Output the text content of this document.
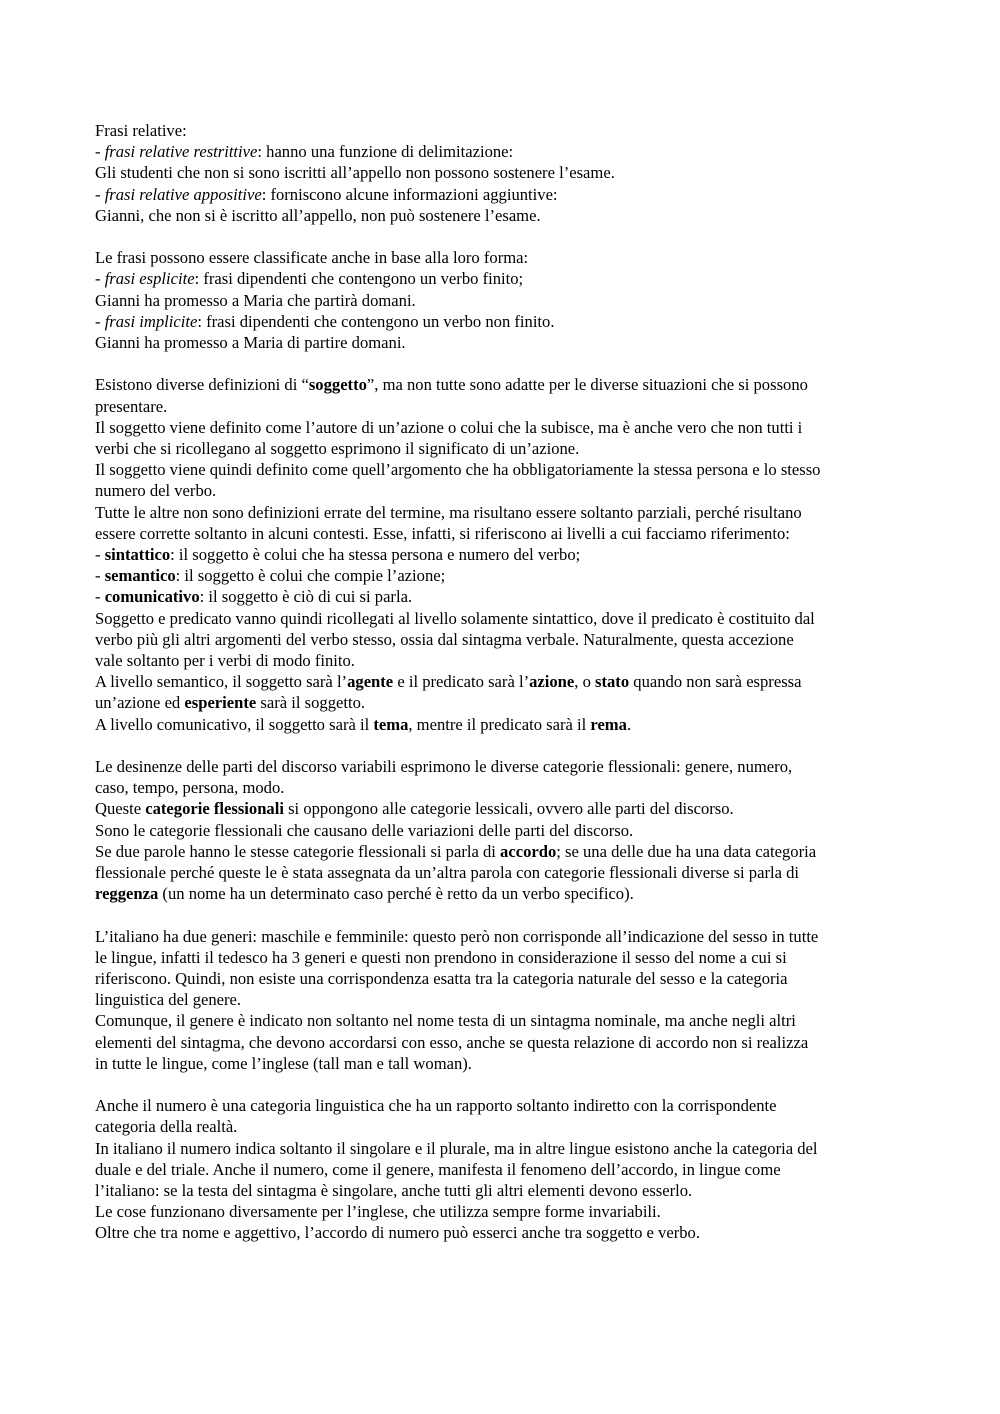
Frasi relative:
- frasi relative restrittive: hanno una funzione di delimitazione:
Gli studenti che non si sono iscritti all’appello non possono sostenere l’esame.
- frasi relative appositive: forniscono alcune informazioni aggiuntive:
Gianni, che non si è iscritto all’appello, non può sostenere l’esame.
Le frasi possono essere classificate anche in base alla loro forma:
- frasi esplicite: frasi dipendenti che contengono un verbo finito;
Gianni ha promesso a Maria che partirà domani.
- frasi implicite: frasi dipendenti che contengono un verbo non finito.
Gianni ha promesso a Maria di partire domani.
Esistono diverse definizioni di “soggetto”, ma non tutte sono adatte per le diverse situazioni che si possono
presentare.
Il soggetto viene definito come l’autore di un’azione o colui che la subisce, ma è anche vero che non tutti i
verbi che si ricollegano al soggetto esprimono il significato di un’azione.
Il soggetto viene quindi definito come quell’argomento che ha obbligatoriamente la stessa persona e lo stesso
numero del verbo.
Tutte le altre non sono definizioni errate del termine, ma risultano essere soltanto parziali, perché risultano
essere corrette soltanto in alcuni contesti. Esse, infatti, si riferiscono ai livelli a cui facciamo riferimento:
- sintattico: il soggetto è colui che ha stessa persona e numero del verbo;
- semantico: il soggetto è colui che compie l’azione;
- comunicativo: il soggetto è ciò di cui si parla.
Soggetto e predicato vanno quindi ricollegati al livello solamente sintattico, dove il predicato è costituito dal
verbo più gli altri argomenti del verbo stesso, ossia dal sintagma verbale. Naturalmente, questa accezione
vale soltanto per i verbi di modo finito.
A livello semantico, il soggetto sarà l’agente e il predicato sarà l’azione, o stato quando non sarà espressa
un’azione ed esperiente sarà il soggetto.
A livello comunicativo, il soggetto sarà il tema, mentre il predicato sarà il rema.
Le desinenze delle parti del discorso variabili esprimono le diverse categorie flessionali: genere, numero,
caso, tempo, persona, modo.
Queste categorie flessionali si oppongono alle categorie lessicali, ovvero alle parti del discorso.
Sono le categorie flessionali che causano delle variazioni delle parti del discorso.
Se due parole hanno le stesse categorie flessionali si parla di accordo; se una delle due ha una data categoria
flessionale perché queste le è stata assegnata da un’altra parola con categorie flessionali diverse si parla di
reggenza (un nome ha un determinato caso perché è retto da un verbo specifico).
L’italiano ha due generi: maschile e femminile: questo però non corrisponde all’indicazione del sesso in tutte
le lingue, infatti il tedesco ha 3 generi e questi non prendono in considerazione il sesso del nome a cui si
riferiscono. Quindi, non esiste una corrispondenza esatta tra la categoria naturale del sesso e la categoria
linguistica del genere.
Comunque, il genere è indicato non soltanto nel nome testa di un sintagma nominale, ma anche negli altri
elementi del sintagma, che devono accordarsi con esso, anche se questa relazione di accordo non si realizza
in tutte le lingue, come l’inglese (tall man e tall woman).
Anche il numero è una categoria linguistica che ha un rapporto soltanto indiretto con la corrispondente
categoria della realtà.
In italiano il numero indica soltanto il singolare e il plurale, ma in altre lingue esistono anche la categoria del
duale e del triale. Anche il numero, come il genere, manifesta il fenomeno dell’accordo, in lingue come
l’italiano: se la testa del sintagma è singolare, anche tutti gli altri elementi devono esserlo.
Le cose funzionano diversamente per l’inglese, che utilizza sempre forme invariabili.
Oltre che tra nome e aggettivo, l’accordo di numero può esserci anche tra soggetto e verbo.
